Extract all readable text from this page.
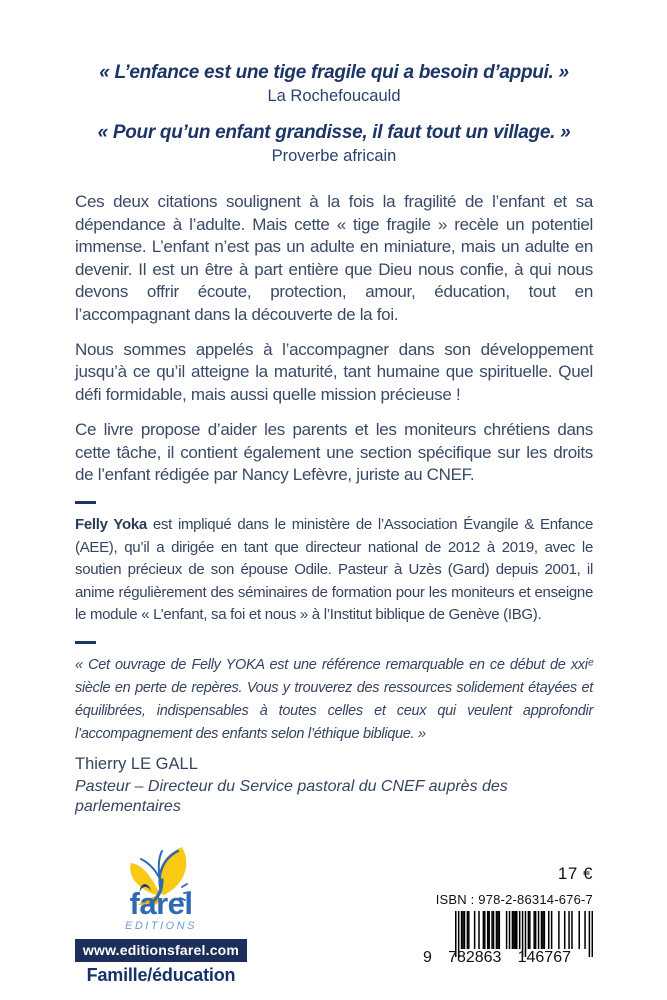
« L’enfance est une tige fragile qui a besoin d’appui. »

La Rochefoucauld

« Pour qu’un enfant grandisse, il faut tout un village. »

Proverbe africain

Ces deux citations soulignent à la fois la fragilité de l’enfant et sa dépendance à l’adulte. Mais cette « tige fragile » recèle un potentiel immense. L’enfant n’est pas un adulte en miniature, mais un adulte en devenir. Il est un être à part entière que Dieu nous confie, à qui nous devons offrir écoute, protection, amour, éducation, tout en l’accompagnant dans la découverte de la foi.

Nous sommes appelés à l’accompagner dans son développement jusqu’à ce qu’il atteigne la maturité, tant humaine que spirituelle. Quel défi formidable, mais aussi quelle mission précieuse !

Ce livre propose d’aider les parents et les moniteurs chrétiens dans cette tâche, il contient également une section spécifique sur les droits de l’enfant rédigée par Nancy Lefèvre, juriste au CNEF.

Felly Yoka est impliqué dans le ministère de l’Association Évangile & Enfance (AEE), qu’il a dirigée en tant que directeur national de 2012 à 2019, avec le soutien précieux de son épouse Odile. Pasteur à Uzès (Gard) depuis 2001, il anime régulièrement des séminaires de formation pour les moniteurs et enseigne le module « L’enfant, sa foi et nous » à l’Institut biblique de Genève (IBG).

« Cet ouvrage de Felly YOKA est une référence remarquable en ce début de xxiᵉ siècle en perte de repères. Vous y trouverez des ressources solidement étayées et équilibrées, indispensables à toutes celles et ceux qui veulent approfondir l’accompagnement des enfants selon l’éthique biblique. »

Thierry LE GALL

Pasteur – Directeur du Service pastoral du CNEF auprès des parlementaires

farel
EDITIONS
www.editionsfarel.com
Famille/éducation

17 €

ISBN : 978-2-86314-676-7

9 782863 146767
